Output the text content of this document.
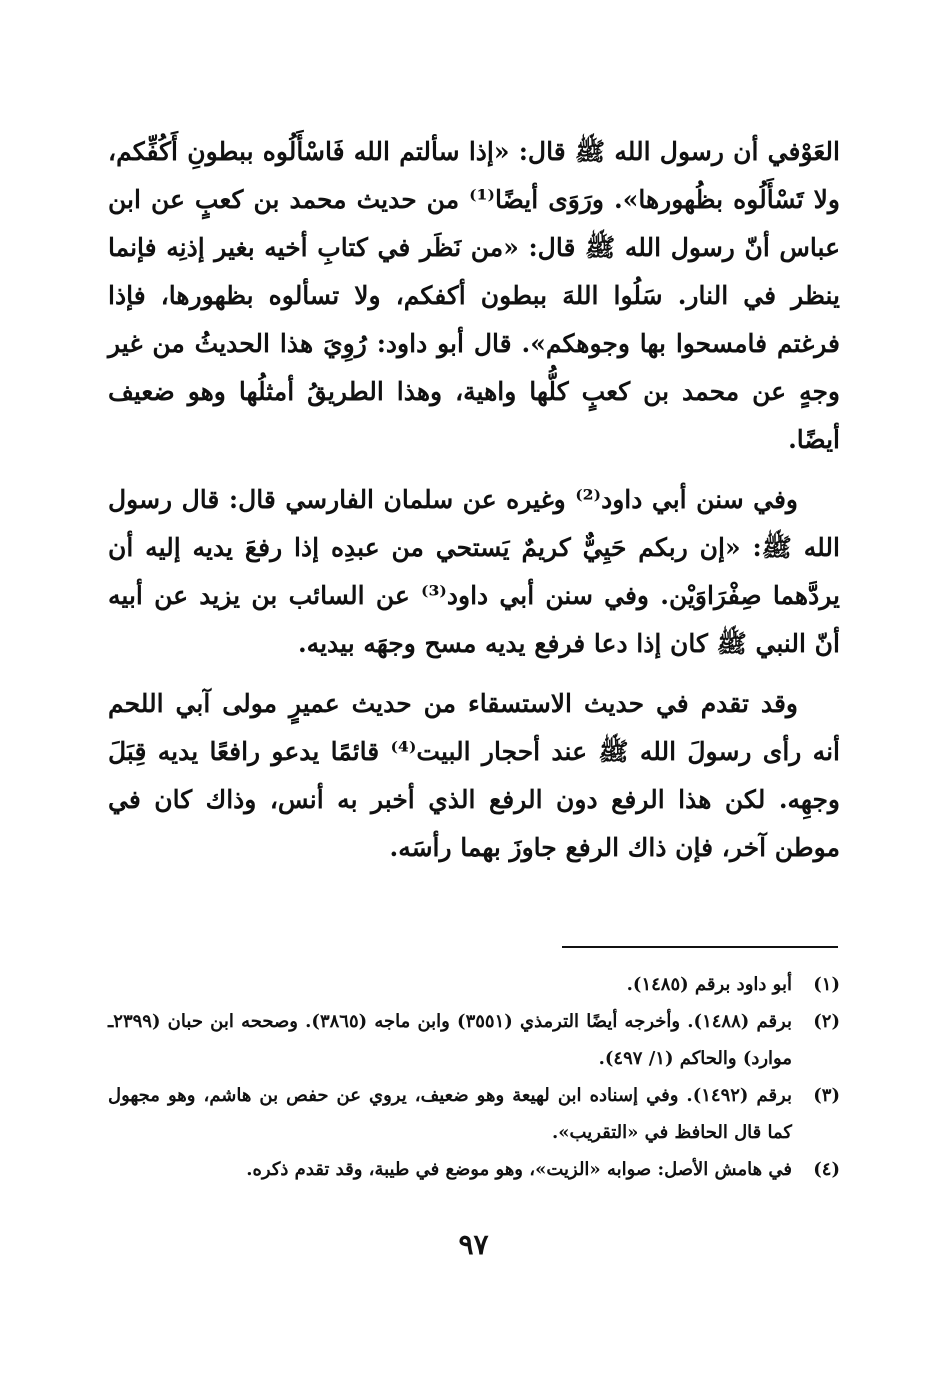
العَوْفي أن رسول الله ﷺ قال: «إذا سألتم الله فَاسْأَلُوه ببطونِ أَكُفِّكم، ولا تَسْأَلُوه بظُهورها». ورَوَى أيضًا⁽¹⁾ من حديث محمد بن كعبٍ عن ابن عباس أنّ رسول الله ﷺ قال: «من نَظَر في كتابِ أخيه بغير إذنِه فإنما ينظر في النار. سَلُوا اللهَ ببطون أكفكم، ولا تسألوه بظهورها، فإذا فرغتم فامسحوا بها وجوهكم». قال أبو داود: رُوِيَ هذا الحديثُ من غير وجهٍ عن محمد بن كعبٍ كلُّها واهية، وهذا الطريقُ أمثلُها وهو ضعيف أيضًا.

وفي سنن أبي داود⁽²⁾ وغيره عن سلمان الفارسي قال: قال رسول الله ﷺ: «إن ربكم حَيِيٌّ كريمٌ يَستحي من عبدِه إذا رفعَ يديه إليه أن يردَّهما صِفْرَاوَيْن. وفي سنن أبي داود⁽³⁾ عن السائب بن يزيد عن أبيه أنّ النبي ﷺ كان إذا دعا فرفع يديه مسح وجهَه بيديه.

وقد تقدم في حديث الاستسقاء من حديث عميرٍ مولى آبي اللحم أنه رأى رسولَ الله ﷺ عند أحجار البيت⁽⁴⁾ قائمًا يدعو رافعًا يديه قِبَلَ وجهِه. لكن هذا الرفع دون الرفع الذي أخبر به أنس، وذاك كان في موطن آخر، فإن ذاك الرفع جاوزَ بهما رأسَه.

(١)
أبو داود برقم (١٤٨٥).
(٢)
برقم (١٤٨٨). وأخرجه أيضًا الترمذي (٣٥٥١) وابن ماجه (٣٨٦٥). وصححه ابن حبان (٢٣٩٩ـ موارد) والحاكم (١/ ٤٩٧).
(٣)
برقم (١٤٩٢). وفي إسناده ابن لهيعة وهو ضعيف، يروي عن حفص بن هاشم، وهو مجهول كما قال الحافظ في «التقريب».
(٤)
في هامش الأصل: صوابه «الزيت»، وهو موضع في طيبة، وقد تقدم ذكره.
٩٧
